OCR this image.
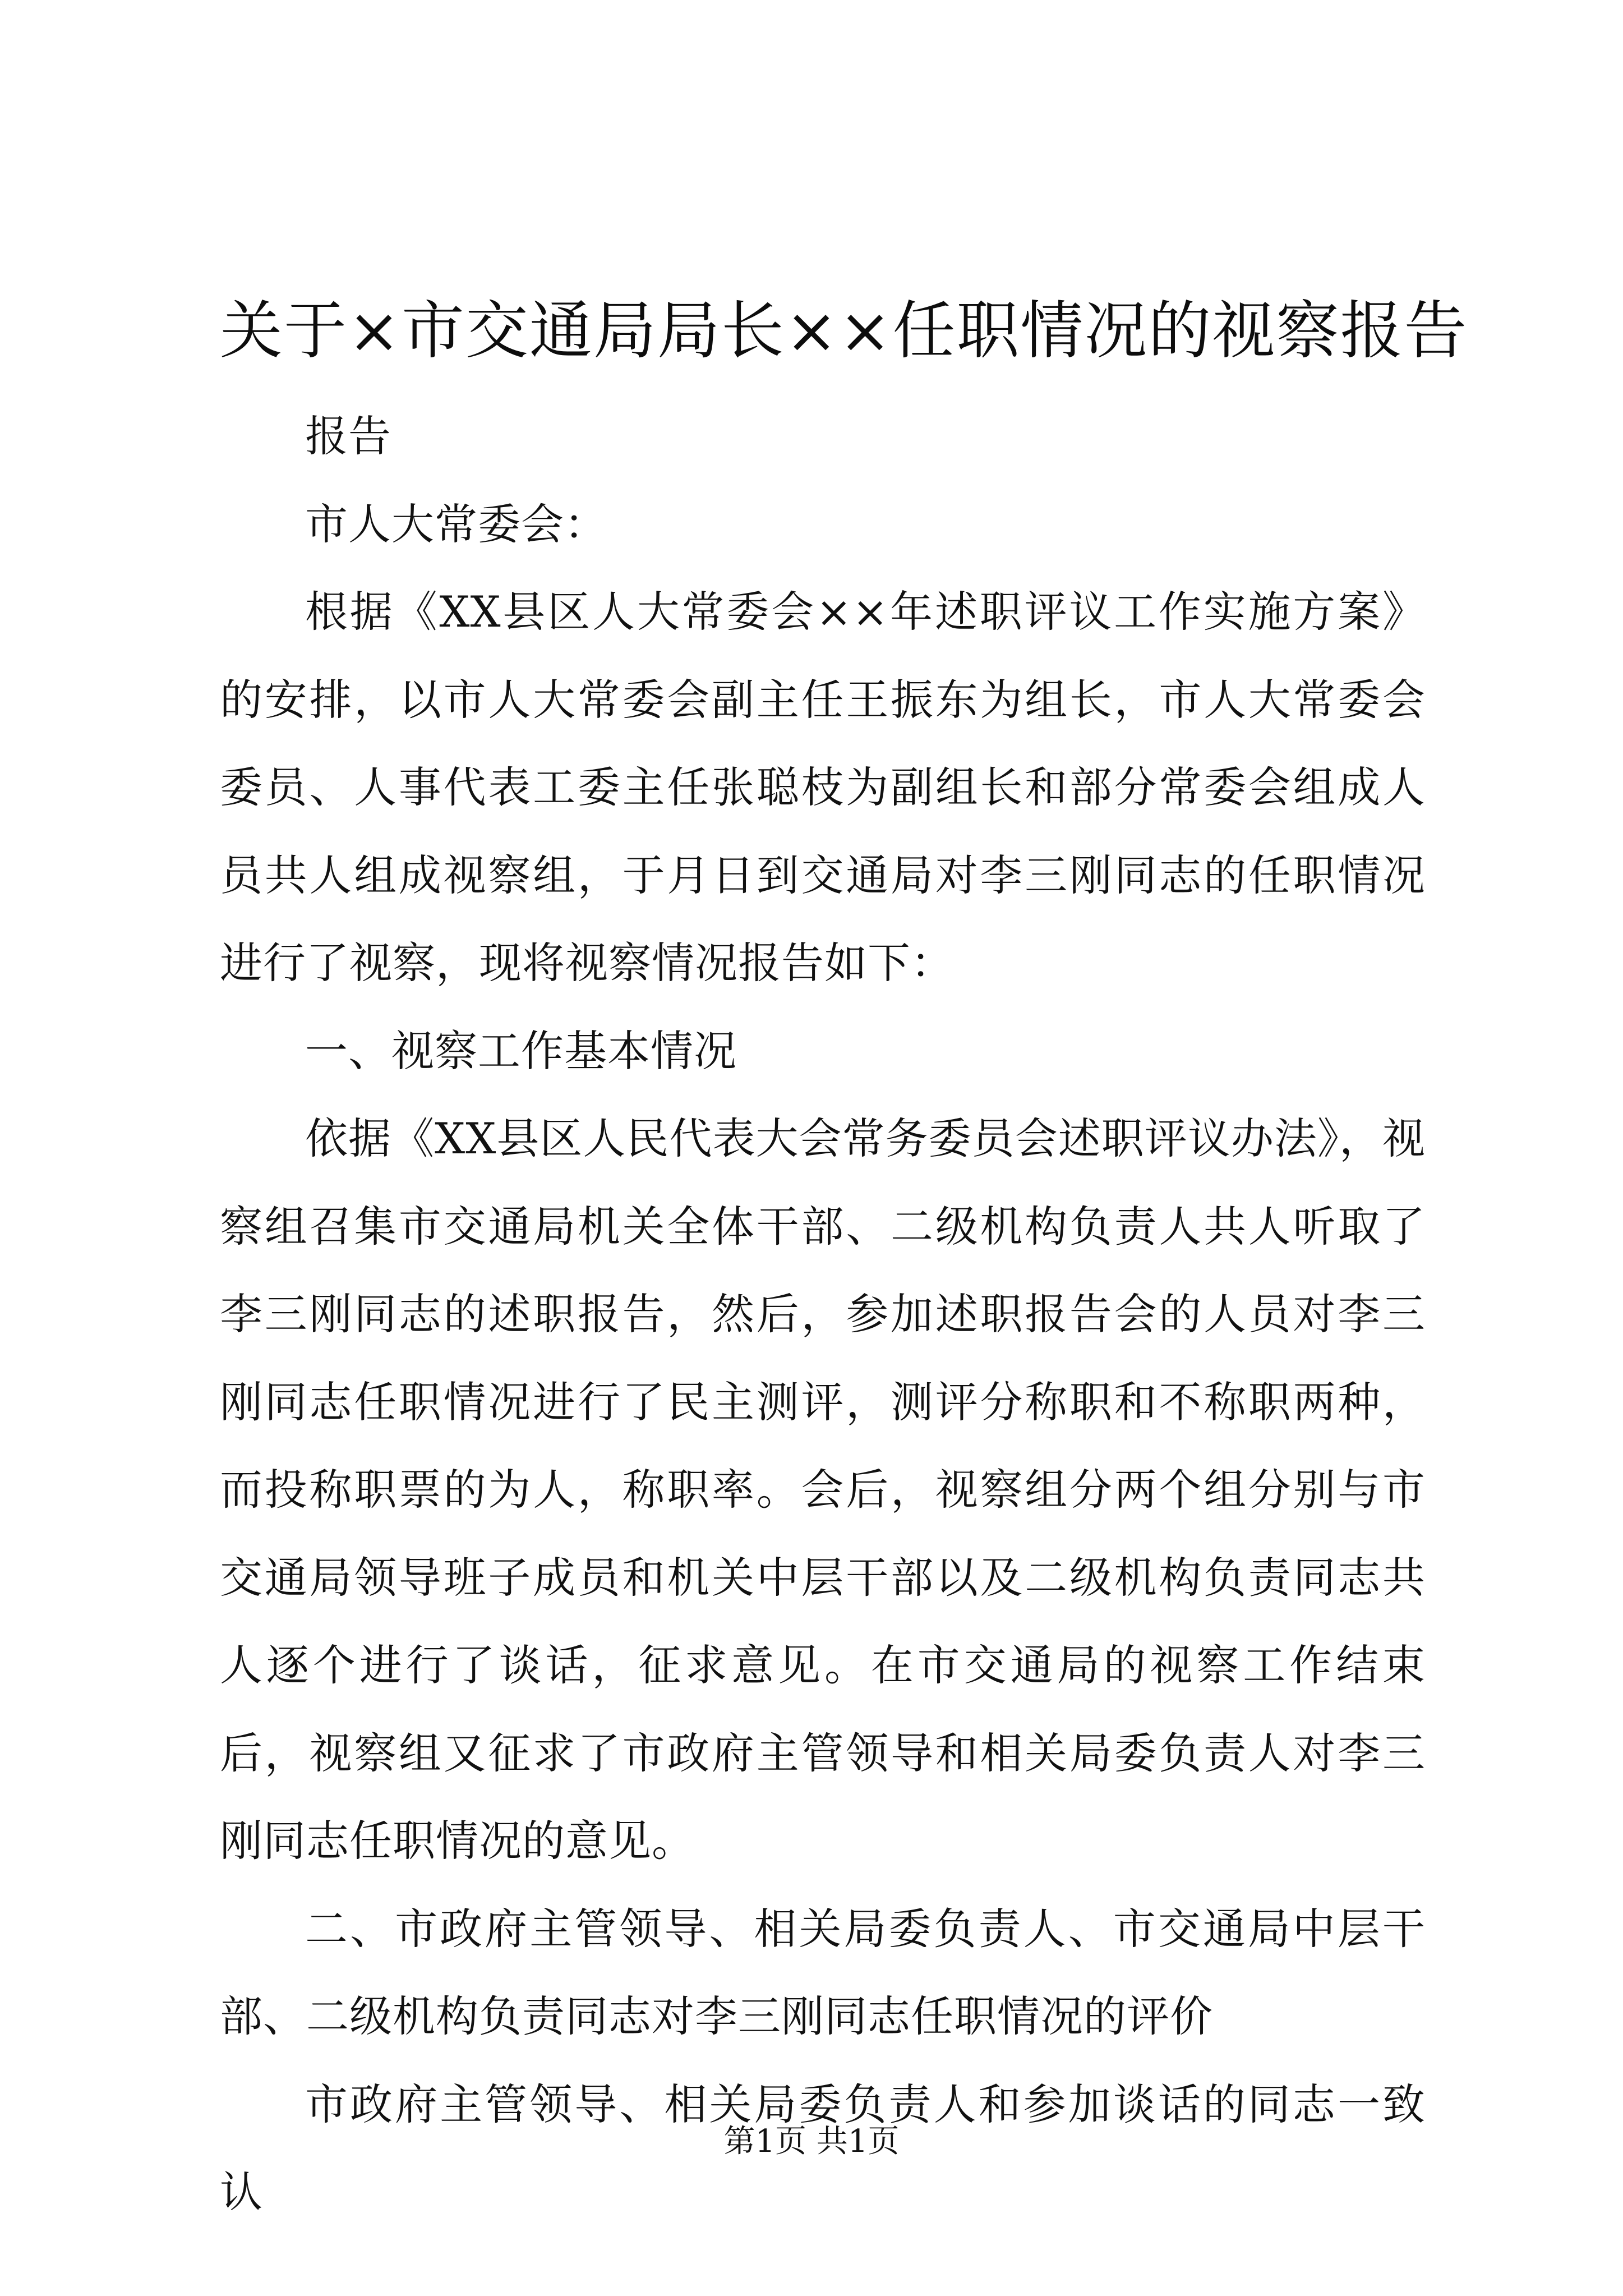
关于×市交通局局长××任职情况的视察报告

报告

市人大常委会：

根据《XX县区人大常委会××年述职评议工作实施方案》的安排，以市人大常委会副主任王振东为组长，市人大常委会委员、人事代表工委主任张聪枝为副组长和部分常委会组成人员共人组成视察组，于月日到交通局对李三刚同志的任职情况进行了视察，现将视察情况报告如下：

一、视察工作基本情况

依据《XX县区人民代表大会常务委员会述职评议办法》，视察组召集市交通局机关全体干部、二级机构负责人共人听取了李三刚同志的述职报告，然后，参加述职报告会的人员对李三刚同志任职情况进行了民主测评，测评分称职和不称职两种，而投称职票的为人，称职率。会后，视察组分两个组分别与市交通局领导班子成员和机关中层干部以及二级机构负责同志共人逐个进行了谈话，征求意见。在市交通局的视察工作结束后，视察组又征求了市政府主管领导和相关局委负责人对李三刚同志任职情况的意见。

二、市政府主管领导、相关局委负责人、市交通局中层干部、二级机构负责同志对李三刚同志任职情况的评价

市政府主管领导、相关局委负责人和参加谈话的同志一致认

第1页 共1页
